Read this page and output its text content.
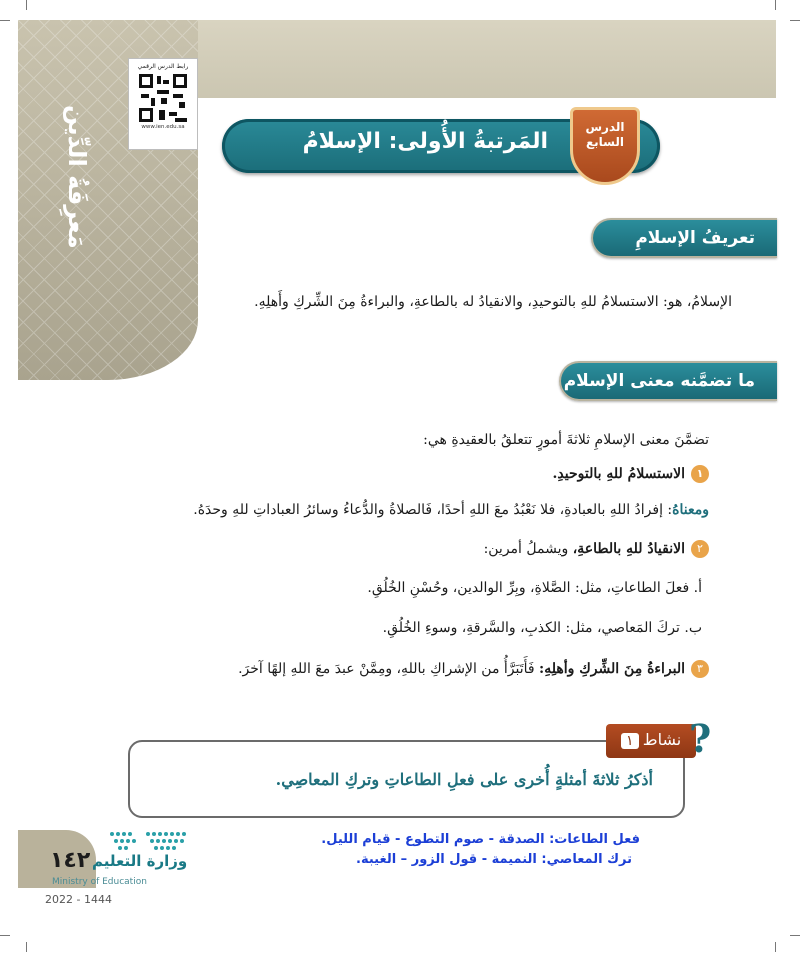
مَعرِفَةُ الدِّين
رابط الدرس الرقمي
www.ien.edu.sa
المَرتبةُ الأُولى: الإسلامُ
الدرس
السابع
تعريفُ الإسلامِ
الإسلامُ، هو: الاستسلامُ للهِ بالتوحيدِ، والانقيادُ له بالطاعةِ، والبراءةُ مِنَ الشِّركِ وأَهلِهِ.
ما تضمَّنه معنى الإسلام
تضمَّنَ معنى الإسلامِ ثلاثةَ أمورٍ تتعلقُ بالعقيدةِ هي:
١الاستسلامُ للهِ بالتوحيدِ.
ومعناهُ: إفرادُ اللهِ بالعبادةِ، فلا نَعْبُدُ معَ اللهِ أحدًا، فَالصلاةُ والدُّعاءُ وسائرُ العباداتِ للهِ وحدَهُ.
٢الانقيادُ للهِ بالطاعةِ، ويشملُ أمرين:
أ. فعلَ الطاعاتِ، مثل: الصَّلاةِ، وبِرِّ الوالدين، وحُسْنِ الخُلُقِ.
ب. تركَ المَعاصي، مثل: الكذبِ، والسَّرقةِ، وسوءِ الخُلُقِ.
٣البراءةُ مِنَ الشِّركِ وأهلِهِ: فَأَتَبَرَّأُ من الإشراكِ باللهِ، ومِمَّنْ عبدَ معَ اللهِ إلهًا آخرَ.
أذكرُ ثلاثةَ أمثلةٍ أُخرى على فعلِ الطاعاتِ وتركِ المعاصِي.
نشاط١	?
فعل الطاعات: الصدقة - صوم التطوع - قيام الليل.
ترك المعاصي: النميمة - قول الزور – الغيبة.
١٤٢ وزارة التعليم
Ministry of Education
2022 - 1444
